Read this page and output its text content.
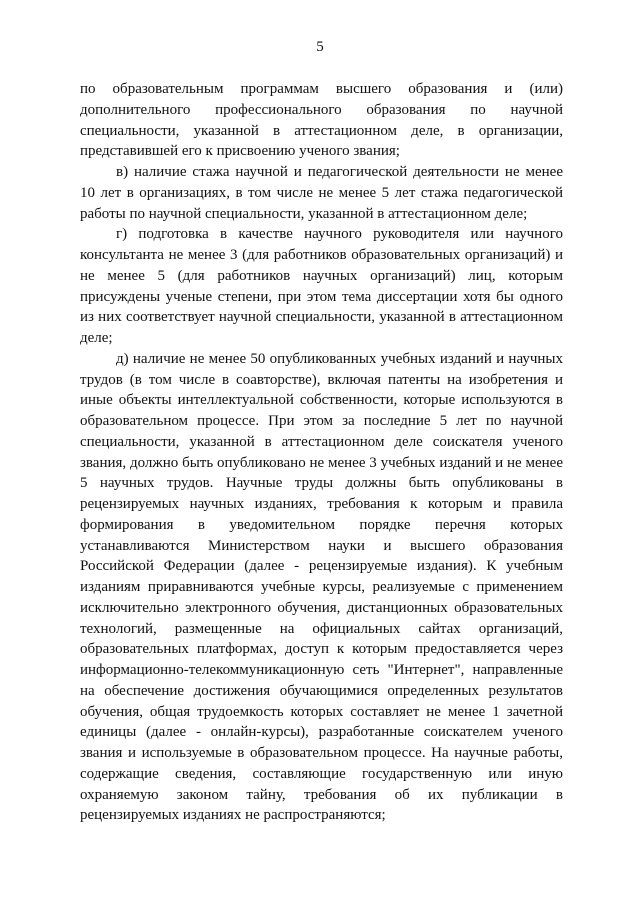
5

по образовательным программам высшего образования и (или) дополнительного профессионального образования по научной специальности, указанной в аттестационном деле, в организации, представившей его к присвоению ученого звания;

в) наличие стажа научной и педагогической деятельности не менее 10 лет в организациях, в том числе не менее 5 лет стажа педагогической работы по научной специальности, указанной в аттестационном деле;

г) подготовка в качестве научного руководителя или научного консультанта не менее 3 (для работников образовательных организаций) и не менее 5 (для работников научных организаций) лиц, которым присуждены ученые степени, при этом тема диссертации хотя бы одного из них соответствует научной специальности, указанной в аттестационном деле;

д) наличие не менее 50 опубликованных учебных изданий и научных трудов (в том числе в соавторстве), включая патенты на изобретения и иные объекты интеллектуальной собственности, которые используются в образовательном процессе. При этом за последние 5 лет по научной специальности, указанной в аттестационном деле соискателя ученого звания, должно быть опубликовано не менее 3 учебных изданий и не менее 5 научных трудов. Научные труды должны быть опубликованы в рецензируемых научных изданиях, требования к которым и правила формирования в уведомительном порядке перечня которых устанавливаются Министерством науки и высшего образования Российской Федерации (далее - рецензируемые издания). К учебным изданиям приравниваются учебные курсы, реализуемые с применением исключительно электронного обучения, дистанционных образовательных технологий, размещенные на официальных сайтах организаций, образовательных платформах, доступ к которым предоставляется через информационно-телекоммуникационную сеть "Интернет", направленные на обеспечение достижения обучающимися определенных результатов обучения, общая трудоемкость которых составляет не менее 1 зачетной единицы (далее - онлайн-курсы), разработанные соискателем ученого звания и используемые в образовательном процессе. На научные работы, содержащие сведения, составляющие государственную или иную охраняемую законом тайну, требования об их публикации в рецензируемых изданиях не распространяются;
